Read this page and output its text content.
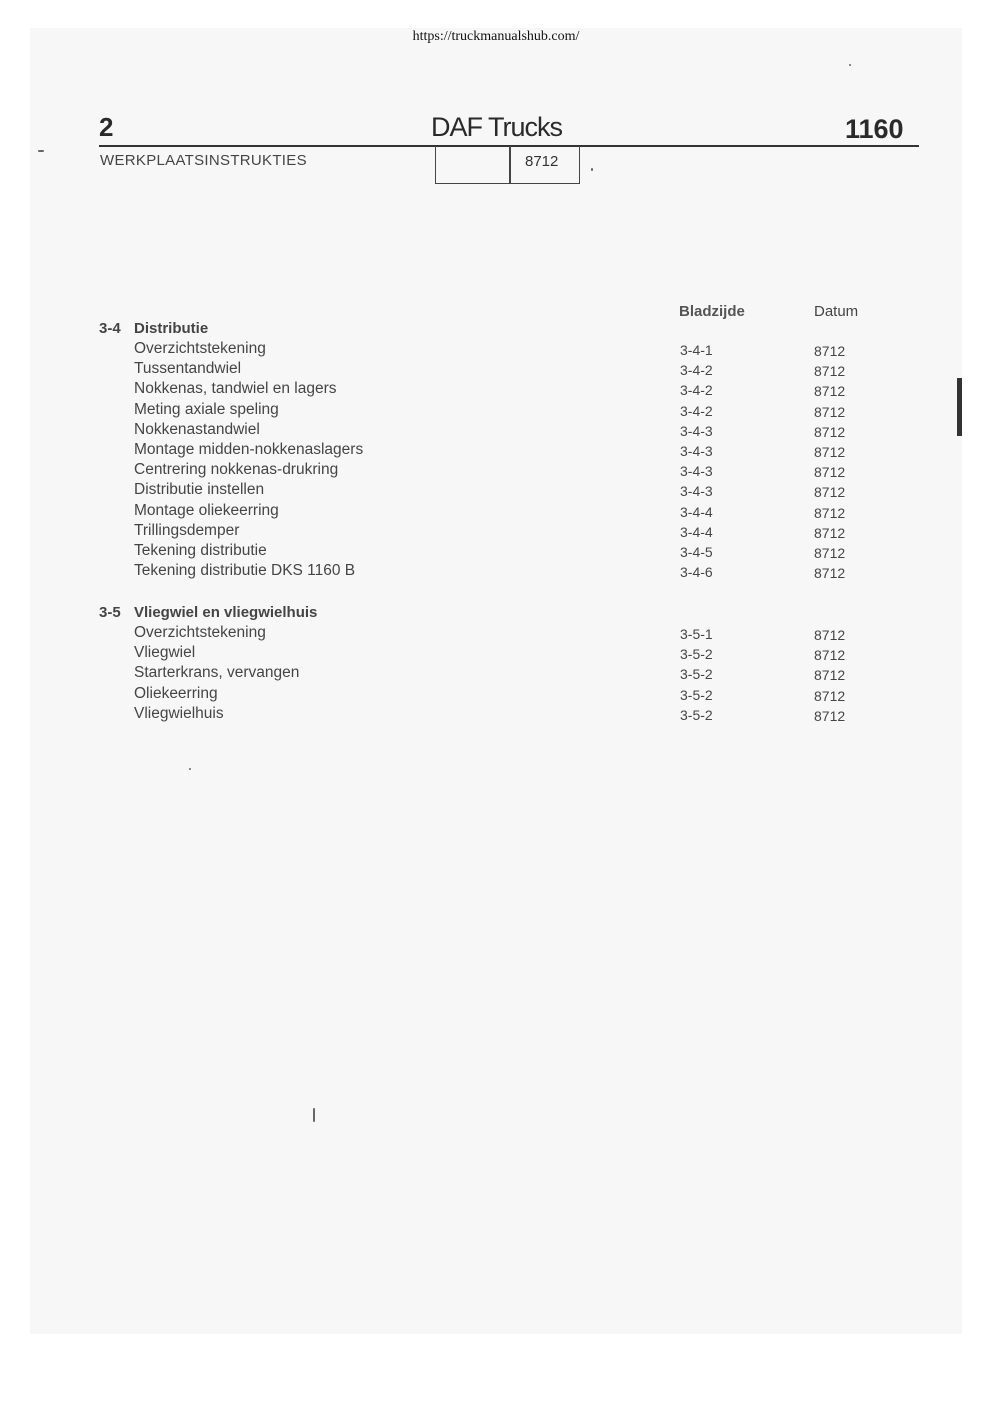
https://truckmanualshub.com/
2	DAF Trucks	1160
WERKPLAATSINSTRUKTIES	8712
Bladzijde	Datum
3-4 Distributie
Overzichtstekening	3-4-1	8712
Tussentandwiel	3-4-2	8712
Nokkenas, tandwiel en lagers	3-4-2	8712
Meting axiale speling	3-4-2	8712
Nokkenastandwiel	3-4-3	8712
Montage midden-nokkenaslagers	3-4-3	8712
Centrering nokkenas-drukring	3-4-3	8712
Distributie instellen	3-4-3	8712
Montage oliekeerring	3-4-4	8712
Trillingsdemper	3-4-4	8712
Tekening distributie	3-4-5	8712
Tekening distributie DKS 1160 B	3-4-6	8712
3-5 Vliegwiel en vliegwielhuis
Overzichtstekening	3-5-1	8712
Vliegwiel	3-5-2	8712
Starterkrans, vervangen	3-5-2	8712
Oliekeerring	3-5-2	8712
Vliegwielhuis	3-5-2	8712
